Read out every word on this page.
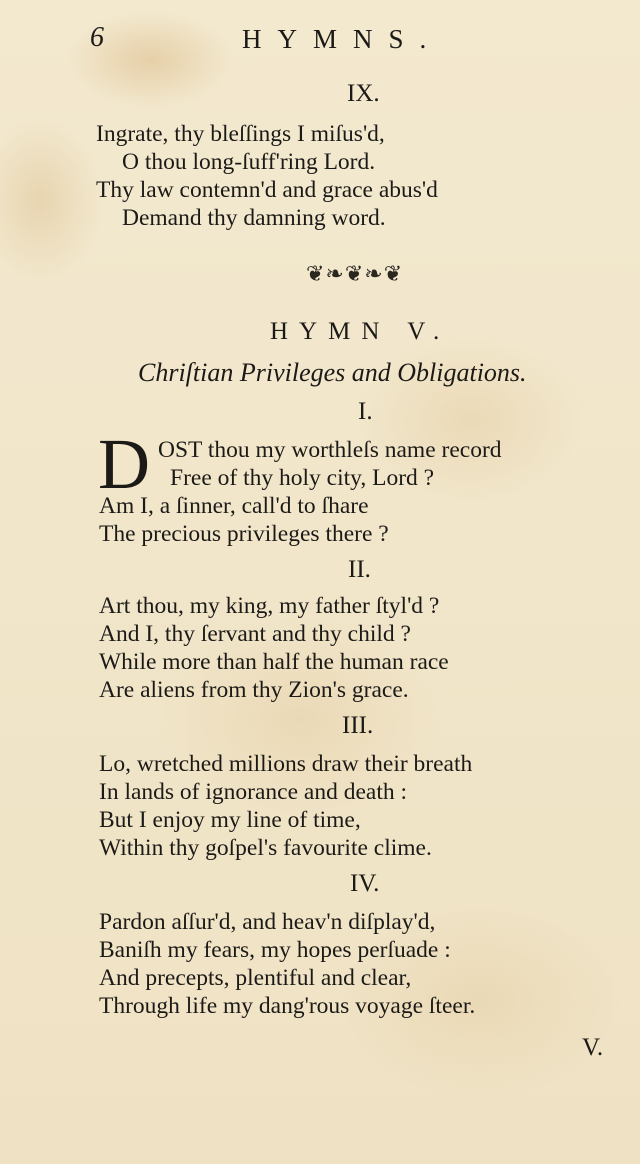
6	HYMNS.
IX.
Ingrate, thy bleſſings I miſus'd,
O thou long-ſuff'ring Lord.
Thy law contemn'd and grace abus'd
Demand thy damning word.
❦❧❦❧❦
HYMN V.
Chriſtian Privileges and Obligations.
I.
D OST thou my worthleſs name record
Free of thy holy city, Lord ?
Am I, a ſinner, call'd to ſhare
The precious privileges there ?
II.
Art thou, my king, my father ſtyl'd ?
And I, thy ſervant and thy child ?
While more than half the human race
Are aliens from thy Zion's grace.
III.
Lo, wretched millions draw their breath
In lands of ignorance and death :
But I enjoy my line of time,
Within thy goſpel's favourite clime.
IV.
Pardon aſſur'd, and heav'n diſplay'd,
Baniſh my fears, my hopes perſuade :
And precepts, plentiful and clear,
Through life my dang'rous voyage ſteer.
V.
